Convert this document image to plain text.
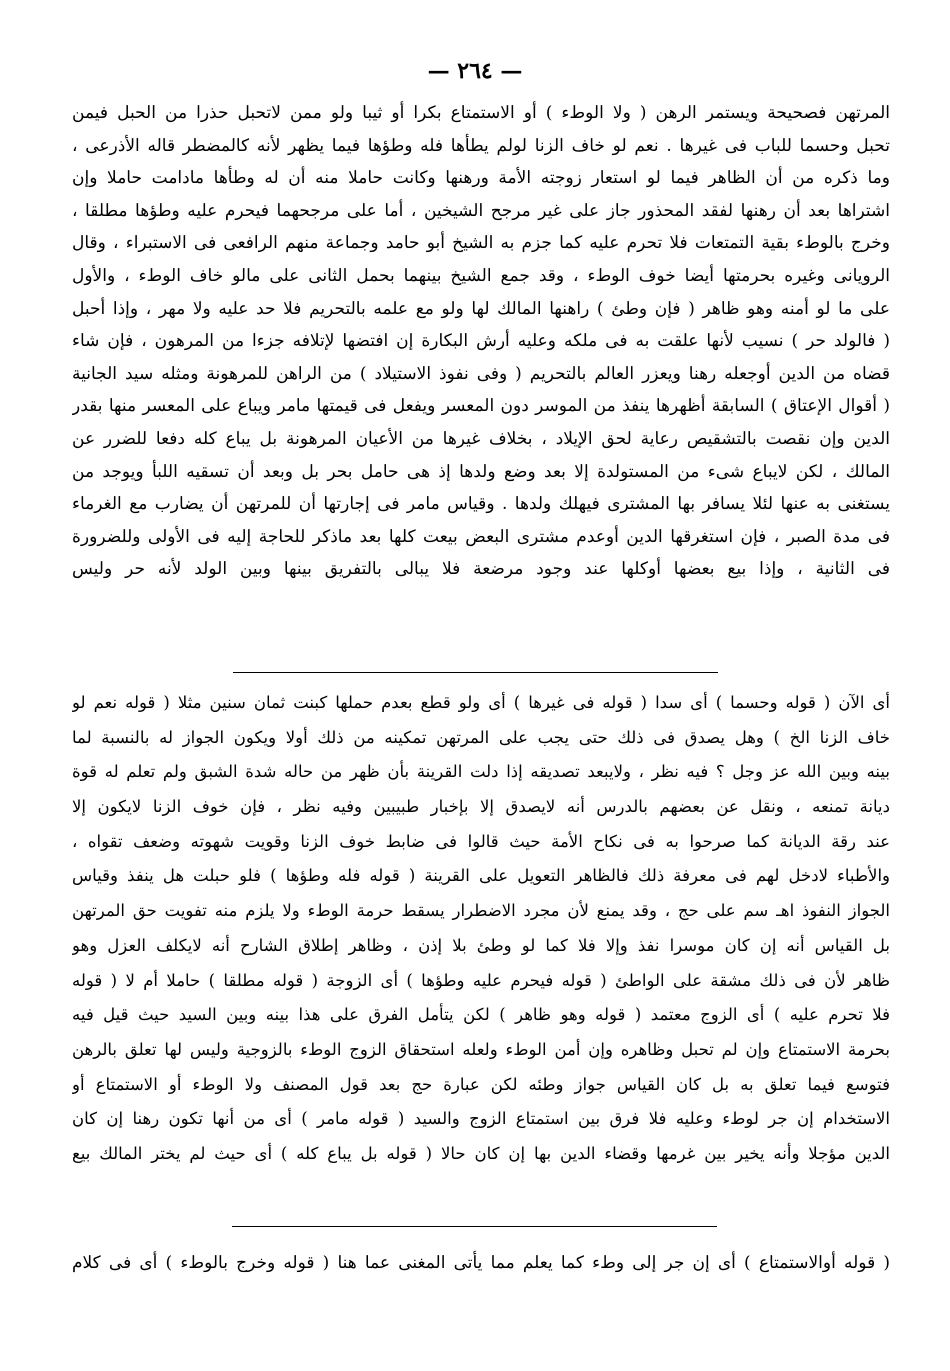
— ٢٦٤ —
المرتهن فصحيحة ويستمر الرهن ( ولا الوطء ) أو الاستمتاع بكرا أو ثيبا ولو ممن لاتحبل حذرا من الحبل فيمن
تحبل وحسما للباب فى غيرها . نعم لو خاف الزنا لولم يطأها فله وطؤها فيما يظهر لأنه كالمضطر قاله الأذرعى ،
وما ذكره من أن الظاهر فيما لو استعار زوجته الأمة ورهنها وكانت حاملا منه أن له وطأها مادامت حاملا وإن
اشتراها بعد أن رهنها لفقد المحذور جاز على غير مرجح الشيخين ، أما على مرجحهما فيحرم عليه وطؤها مطلقا ،
وخرج بالوطء بقية التمتعات فلا تحرم عليه كما جزم به الشيخ أبو حامد وجماعة منهم الرافعى فى الاستبراء ، وقال
الرويانى وغيره بحرمتها أيضا خوف الوطء ، وقد جمع الشيخ بينهما بحمل الثانى على مالو خاف الوطء ، والأول
على ما لو أمنه وهو ظاهر ( فإن وطئ ) راهنها المالك لها ولو مع علمه بالتحريم فلا حد عليه ولا مهر ، وإذا أحبل
( فالولد حر ) نسيب لأنها علقت به فى ملكه وعليه أرش البكارة إن افتضها لإتلافه جزءا من المرهون ، فإن شاء
قضاه من الدين أوجعله رهنا ويعزر العالم بالتحريم ( وفى نفوذ الاستيلاد ) من الراهن للمرهونة ومثله سيد الجانية
( أقوال الإعتاق ) السابقة أظهرها ينفذ من الموسر دون المعسر ويفعل فى قيمتها مامر ويباع على المعسر منها بقدر
الدين وإن نقصت بالتشقيص رعاية لحق الإيلاد ، بخلاف غيرها من الأعيان المرهونة بل يباع كله دفعا للضرر عن
المالك ، لكن لايباع شىء من المستولدة إلا بعد وضع ولدها إذ هى حامل بحر بل وبعد أن تسقيه اللبأ ويوجد من
يستغنى به عنها لئلا يسافر بها المشترى فيهلك ولدها . وقياس مامر فى إجارتها أن للمرتهن أن يضارب مع الغرماء
فى مدة الصبر ، فإن استغرقها الدين أوعدم مشترى البعض بيعت كلها بعد ماذكر للحاجة إليه فى الأولى وللضرورة
فى الثانية ، وإذا بيع بعضها أوكلها عند وجود مرضعة فلا يبالى بالتفريق بينها وبين الولد لأنه حر وليس
أى الآن ( قوله وحسما ) أى سدا ( قوله فى غيرها ) أى ولو قطع بعدم حملها كبنت ثمان سنين مثلا ( قوله نعم لو
خاف الزنا الخ ) وهل يصدق فى ذلك حتى يجب على المرتهن تمكينه من ذلك أولا ويكون الجواز له بالنسبة لما
بينه وبين الله عز وجل ؟ فيه نظر ، ولايبعد تصديقه إذا دلت القرينة بأن ظهر من حاله شدة الشبق ولم تعلم له قوة
ديانة تمنعه ، ونقل عن بعضهم بالدرس أنه لايصدق إلا بإخبار طبيبين وفيه نظر ، فإن خوف الزنا لايكون إلا
عند رقة الديانة كما صرحوا به فى نكاح الأمة حيث قالوا فى ضابط خوف الزنا وقويت شهوته وضعف تقواه ،
والأطباء لادخل لهم فى معرفة ذلك فالظاهر التعويل على القرينة ( قوله فله وطؤها ) فلو حبلت هل ينفذ وقياس
الجواز النفوذ اهـ سم على حج ، وقد يمنع لأن مجرد الاضطرار يسقط حرمة الوطء ولا يلزم منه تفويت حق المرتهن
بل القياس أنه إن كان موسرا نفذ وإلا فلا كما لو وطئ بلا إذن ، وظاهر إطلاق الشارح أنه لايكلف العزل وهو
ظاهر لأن فى ذلك مشقة على الواطئ ( قوله فيحرم عليه وطؤها ) أى الزوجة ( قوله مطلقا ) حاملا أم لا ( قوله
فلا تحرم عليه ) أى الزوج معتمد ( قوله وهو ظاهر ) لكن يتأمل الفرق على هذا بينه وبين السيد حيث قيل فيه
بحرمة الاستمتاع وإن لم تحبل وظاهره وإن أمن الوطء ولعله استحقاق الزوج الوطء بالزوجية وليس لها تعلق بالرهن
فتوسع فيما تعلق به بل كان القياس جواز وطئه لكن عبارة حج بعد قول المصنف ولا الوطء أو الاستمتاع أو
الاستخدام إن جر لوطء وعليه فلا فرق بين استمتاع الزوج والسيد ( قوله مامر ) أى من أنها تكون رهنا إن كان
الدين مؤجلا وأنه يخير بين غرمها وقضاء الدين بها إن كان حالا ( قوله بل يباع كله ) أى حيث لم يختر المالك بيع
( قوله أوالاستمتاع ) أى إن جر إلى وطء كما يعلم مما يأتى المغنى عما هنا ( قوله وخرج بالوطء ) أى فى كلام
